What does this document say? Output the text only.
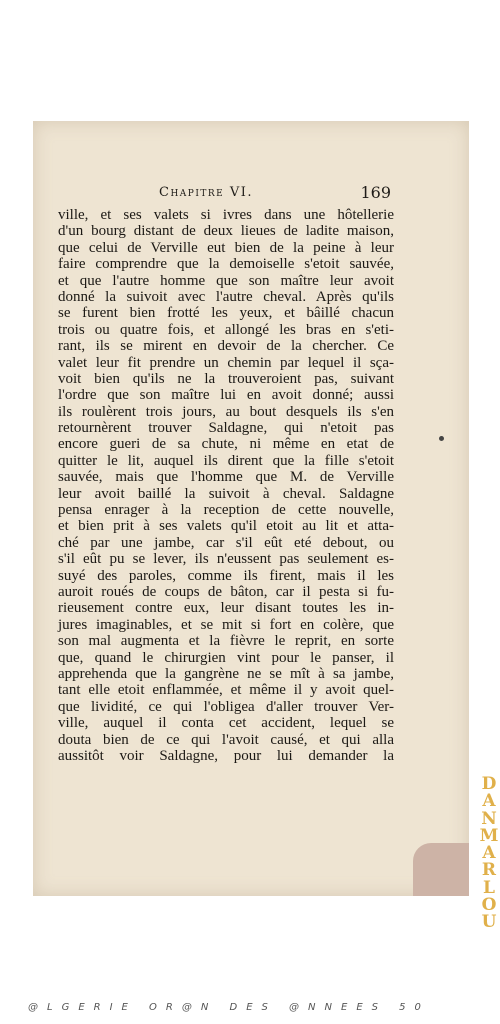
Chapitre VI.	169
ville, et ses valets si ivres dans une hôtellerie
d'un bourg distant de deux lieues de ladite maison,
que celui de Verville eut bien de la peine à leur
faire comprendre que la demoiselle s'etoit sauvée,
et que l'autre homme que son maître leur avoit
donné la suivoit avec l'autre cheval. Après qu'ils
se furent bien frotté les yeux, et bâillé chacun
trois ou quatre fois, et allongé les bras en s'eti-
rant, ils se mirent en devoir de la chercher. Ce
valet leur fit prendre un chemin par lequel il sça-
voit bien qu'ils ne la trouveroient pas, suivant
l'ordre que son maître lui en avoit donné; aussi
ils roulèrent trois jours, au bout desquels ils s'en
retournèrent trouver Saldagne, qui n'etoit pas
encore gueri de sa chute, ni même en etat de
quitter le lit, auquel ils dirent que la fille s'etoit
sauvée, mais que l'homme que M. de Verville
leur avoit baillé la suivoit à cheval. Saldagne
pensa enrager à la reception de cette nouvelle,
et bien prit à ses valets qu'il etoit au lit et atta-
ché par une jambe, car s'il eût eté debout, ou
s'il eût pu se lever, ils n'eussent pas seulement es-
suyé des paroles, comme ils firent, mais il les
auroit roués de coups de bâton, car il pesta si fu-
rieusement contre eux, leur disant toutes les in-
jures imaginables, et se mit si fort en colère, que
son mal augmenta et la fièvre le reprit, en sorte
que, quand le chirurgien vint pour le panser, il
apprehenda que la gangrène ne se mît à sa jambe,
tant elle etoit enflammée, et même il y avoit quel-
que lividité, ce qui l'obligea d'aller trouver Ver-
ville, auquel il conta cet accident, lequel se
douta bien de ce qui l'avoit causé, et qui alla
aussitôt voir Saldagne, pour lui demander la
D
A
N
M
A
R
L
O
U
@LGERIE OR@N DES @NNEES 50
